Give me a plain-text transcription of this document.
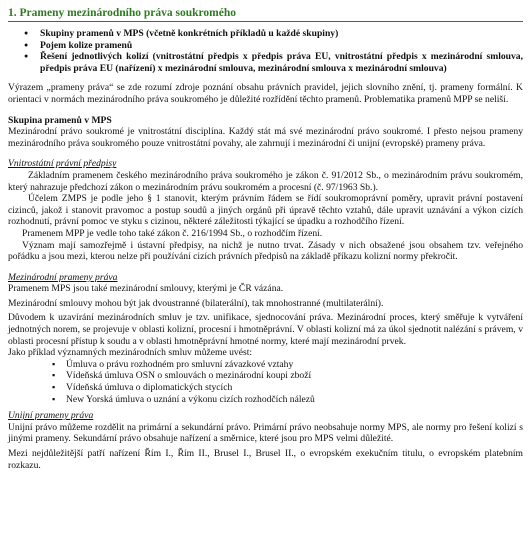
1. Prameny mezinárodního práva soukromého
● Skupiny pramenů v MPS (včetně konkrétních příkladů u každé skupiny)
● Pojem kolize pramenů
● Řešení jednotlivých kolizí (vnitrostátní předpis x předpis práva EU, vnitrostátní předpis x mezinárodní smlouva, předpis práva EU (nařízení) x mezinárodní smlouva, mezinárodní smlouva x mezinárodní smlouva)

Výrazem „prameny práva“ se zde rozumí zdroje poznání obsahu právních pravidel, jejich slovního znění, tj. prameny formální. K orientaci v normách mezinárodního práva soukromého je důležité rozřídění těchto pramenů. Problematika pramenů MPP se neliší.

Skupina pramenů v MPS

Mezinárodní právo soukromé je vnitrostátní disciplína. Každý stát má své mezinárodní právo soukromé. I přesto nejsou prameny mezinárodního práva soukromého pouze vnitrostátní povahy, ale zahrnují i mezinárodní či unijní (evropské) prameny práva.

Vnitrostátní právní předpisy

Základním pramenem českého mezinárodního práva soukromého je zákon č. 91/2012 Sb., o mezinárodním právu soukromém, který nahrazuje předchozí zákon o mezinárodním právu soukromém a procesní (č. 97/1963 Sb.).

Účelem ZMPS je podle jeho § 1 stanovit, kterým právním řádem se řídí soukromoprávní poměry, upravit právní postavení cizinců, jakož i stanovit pravomoc a postup soudů a jiných orgánů při úpravě těchto vztahů, dále upravit uznávání a výkon cizích rozhodnutí, právní pomoc ve styku s cizinou, některé záležitosti týkající se úpadku a rozhodčího řízení.

Pramenem MPP je vedle toho také zákon č. 216/1994 Sb., o rozhodčím řízení.

Význam mají samozřejmě i ústavní předpisy, na nichž je nutno trvat. Zásady v nich obsažené jsou obsahem tzv. veřejného pořádku a jsou mezi, kterou nelze při používání cizích právních předpisů na základě příkazu kolizní normy překročit.

Mezinárodní prameny práva

Pramenem MPS jsou také mezinárodní smlouvy, kterými je ČR vázána.

Mezinárodní smlouvy mohou být jak dvoustranné (bilaterální), tak mnohostranné (multilaterální).

Důvodem k uzavírání mezinárodních smluv je tzv. unifikace, sjednocování práva. Mezinárodní proces, který směřuje k vytváření jednotných norem, se projevuje v oblasti kolizní, procesní i hmotněprávní. V oblasti kolizní má za úkol sjednotit nalézání s právem, v oblasti procesní přístup k soudu a v oblasti hmotněprávní hmotné normy, které mají mezinárodní prvek.

Jako příklad významných mezinárodních smluv můžeme uvést:

▪ Úmluva o právu rozhodném pro smluvní závazkové vztahy
▪ Vídeňská úmluva OSN o smlouvách o mezinárodní koupi zboží
▪ Vídeňská úmluva o diplomatických stycích
▪ New Yorská úmluva o uznání a výkonu cizích rozhodčích nálezů

Unijní prameny práva

Unijní právo můžeme rozdělit na primární a sekundární právo. Primární právo neobsahuje normy MPS, ale normy pro řešení kolizí s jinými prameny. Sekundární právo obsahuje nařízení a směrnice, které jsou pro MPS velmi důležité.

Mezi nejdůležitější patří nařízení Řím I., Řím II., Brusel I., Brusel II., o evropském exekučním titulu, o evropském platebním rozkazu.
